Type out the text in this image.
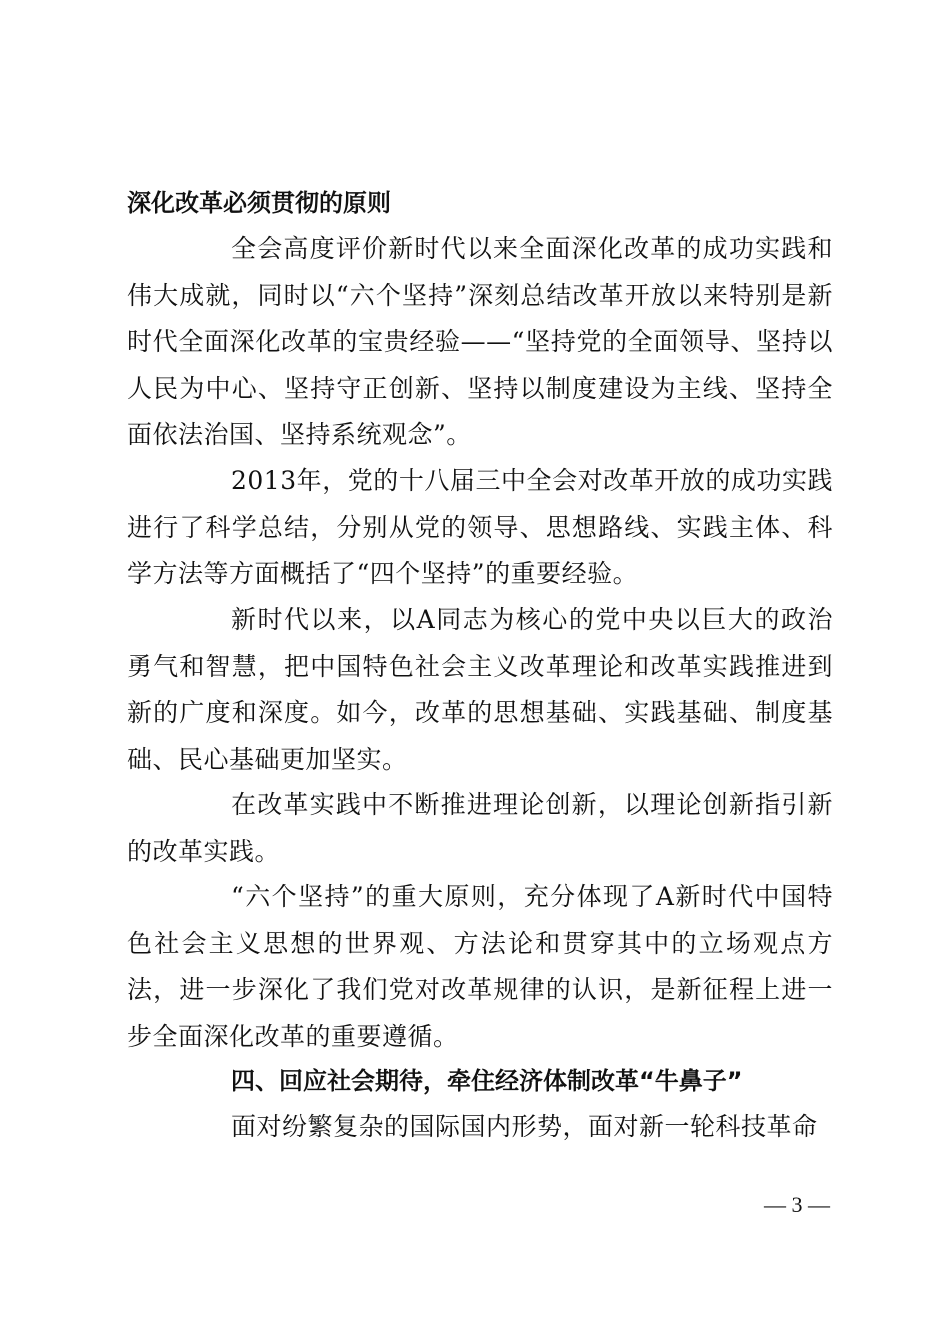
深化改革必须贯彻的原则

全会高度评价新时代以来全面深化改革的成功实践和伟大成就，同时以“六个坚持”深刻总结改革开放以来特别是新时代全面深化改革的宝贵经验——“坚持党的全面领导、坚持以人民为中心、坚持守正创新、坚持以制度建设为主线、坚持全面依法治国、坚持系统观念”。

2013年，党的十八届三中全会对改革开放的成功实践进行了科学总结，分别从党的领导、思想路线、实践主体、科学方法等方面概括了“四个坚持”的重要经验。

新时代以来，以A同志为核心的党中央以巨大的政治勇气和智慧，把中国特色社会主义改革理论和改革实践推进到新的广度和深度。如今，改革的思想基础、实践基础、制度基础、民心基础更加坚实。

在改革实践中不断推进理论创新，以理论创新指引新的改革实践。

“六个坚持”的重大原则，充分体现了A新时代中国特色社会主义思想的世界观、方法论和贯穿其中的立场观点方法，进一步深化了我们党对改革规律的认识，是新征程上进一步全面深化改革的重要遵循。

四、回应社会期待，牵住经济体制改革“牛鼻子”

面对纷繁复杂的国际国内形势，面对新一轮科技革命

— 3 —
